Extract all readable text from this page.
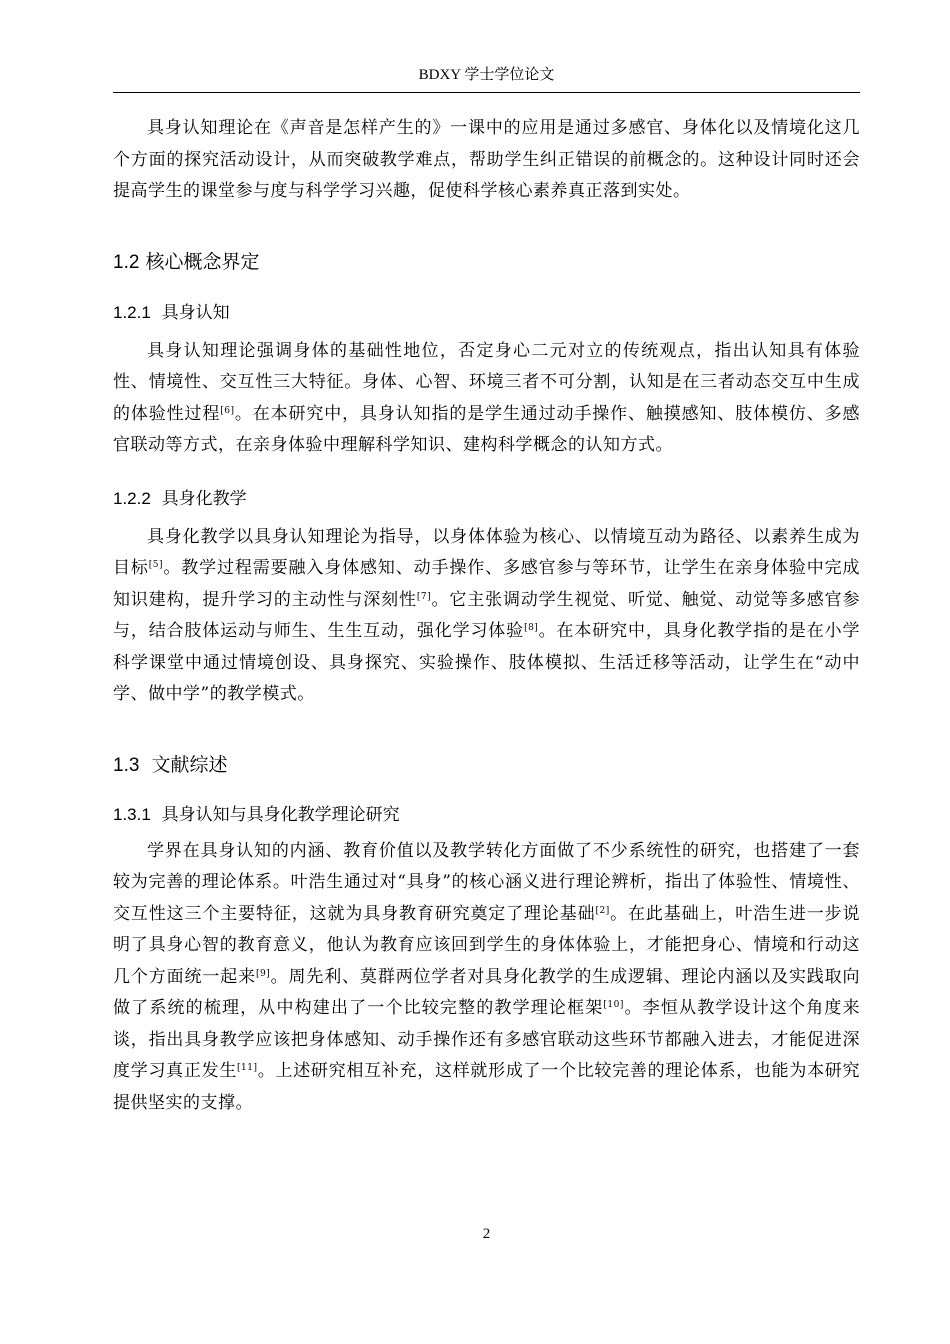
BDXY 学士学位论文

具身认知理论在《声音是怎样产生的》一课中的应用是通过多感官、身体化以及情境化这几个方面的探究活动设计，从而突破教学难点，帮助学生纠正错误的前概念的。这种设计同时还会提高学生的课堂参与度与科学学习兴趣，促使科学核心素养真正落到实处。

1.2 核心概念界定
1.2.1 具身认知

具身认知理论强调身体的基础性地位，否定身心二元对立的传统观点，指出认知具有体验性、情境性、交互性三大特征。身体、心智、环境三者不可分割，认知是在三者动态交互中生成的体验性过程[6]。在本研究中，具身认知指的是学生通过动手操作、触摸感知、肢体模仿、多感官联动等方式，在亲身体验中理解科学知识、建构科学概念的认知方式。

1.2.2 具身化教学

具身化教学以具身认知理论为指导，以身体体验为核心、以情境互动为路径、以素养生成为目标[5]。教学过程需要融入身体感知、动手操作、多感官参与等环节，让学生在亲身体验中完成知识建构，提升学习的主动性与深刻性[7]。它主张调动学生视觉、听觉、触觉、动觉等多感官参与，结合肢体运动与师生、生生互动，强化学习体验[8]。在本研究中，具身化教学指的是在小学科学课堂中通过情境创设、具身探究、实验操作、肢体模拟、生活迁移等活动，让学生在“动中学、做中学”的教学模式。

1.3 文献综述
1.3.1 具身认知与具身化教学理论研究

学界在具身认知的内涵、教育价值以及教学转化方面做了不少系统性的研究，也搭建了一套较为完善的理论体系。叶浩生通过对“具身”的核心涵义进行理论辨析，指出了体验性、情境性、交互性这三个主要特征，这就为具身教育研究奠定了理论基础[2]。在此基础上，叶浩生进一步说明了具身心智的教育意义，他认为教育应该回到学生的身体体验上，才能把身心、情境和行动这几个方面统一起来[9]。周先利、莫群两位学者对具身化教学的生成逻辑、理论内涵以及实践取向做了系统的梳理，从中构建出了一个比较完整的教学理论框架[10]。李恒从教学设计这个角度来谈，指出具身教学应该把身体感知、动手操作还有多感官联动这些环节都融入进去，才能促进深度学习真正发生[11]。上述研究相互补充，这样就形成了一个比较完善的理论体系，也能为本研究提供坚实的支撑。

2
